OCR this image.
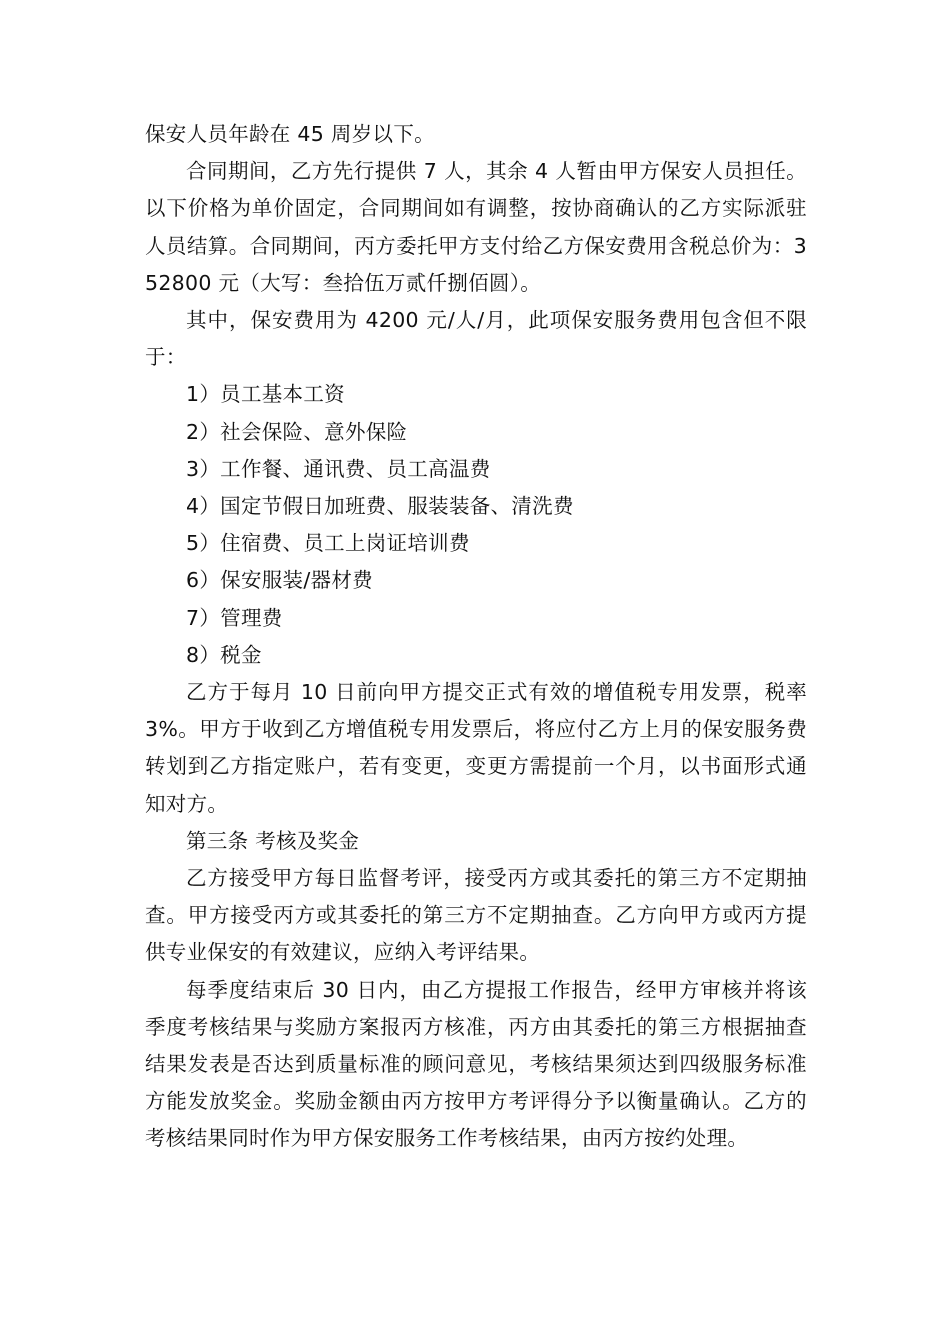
保安人员年龄在 45 周岁以下。

合同期间，乙方先行提供 7 人，其余 4 人暂由甲方保安人员担任。以下价格为单价固定，合同期间如有调整，按协商确认的乙方实际派驻人员结算。合同期间，丙方委托甲方支付给乙方保安费用含税总价为：352800 元（大写：叁拾伍万贰仟捌佰圆）。

其中，保安费用为 4200 元/人/月，此项保安服务费用包含但不限于：

1）员工基本工资

2）社会保险、意外保险

3）工作餐、通讯费、员工高温费

4）国定节假日加班费、服装装备、清洗费

5）住宿费、员工上岗证培训费

6）保安服装/器材费

7）管理费

8）税金

乙方于每月 10 日前向甲方提交正式有效的增值税专用发票，税率 3%。甲方于收到乙方增值税专用发票后，将应付乙方上月的保安服务费转划到乙方指定账户，若有变更，变更方需提前一个月，以书面形式通知对方。

第三条 考核及奖金

乙方接受甲方每日监督考评，接受丙方或其委托的第三方不定期抽查。甲方接受丙方或其委托的第三方不定期抽查。乙方向甲方或丙方提供专业保安的有效建议，应纳入考评结果。

每季度结束后 30 日内，由乙方提报工作报告，经甲方审核并将该季度考核结果与奖励方案报丙方核准，丙方由其委托的第三方根据抽查结果发表是否达到质量标准的顾问意见，考核结果须达到四级服务标准方能发放奖金。奖励金额由丙方按甲方考评得分予以衡量确认。乙方的考核结果同时作为甲方保安服务工作考核结果，由丙方按约处理。
